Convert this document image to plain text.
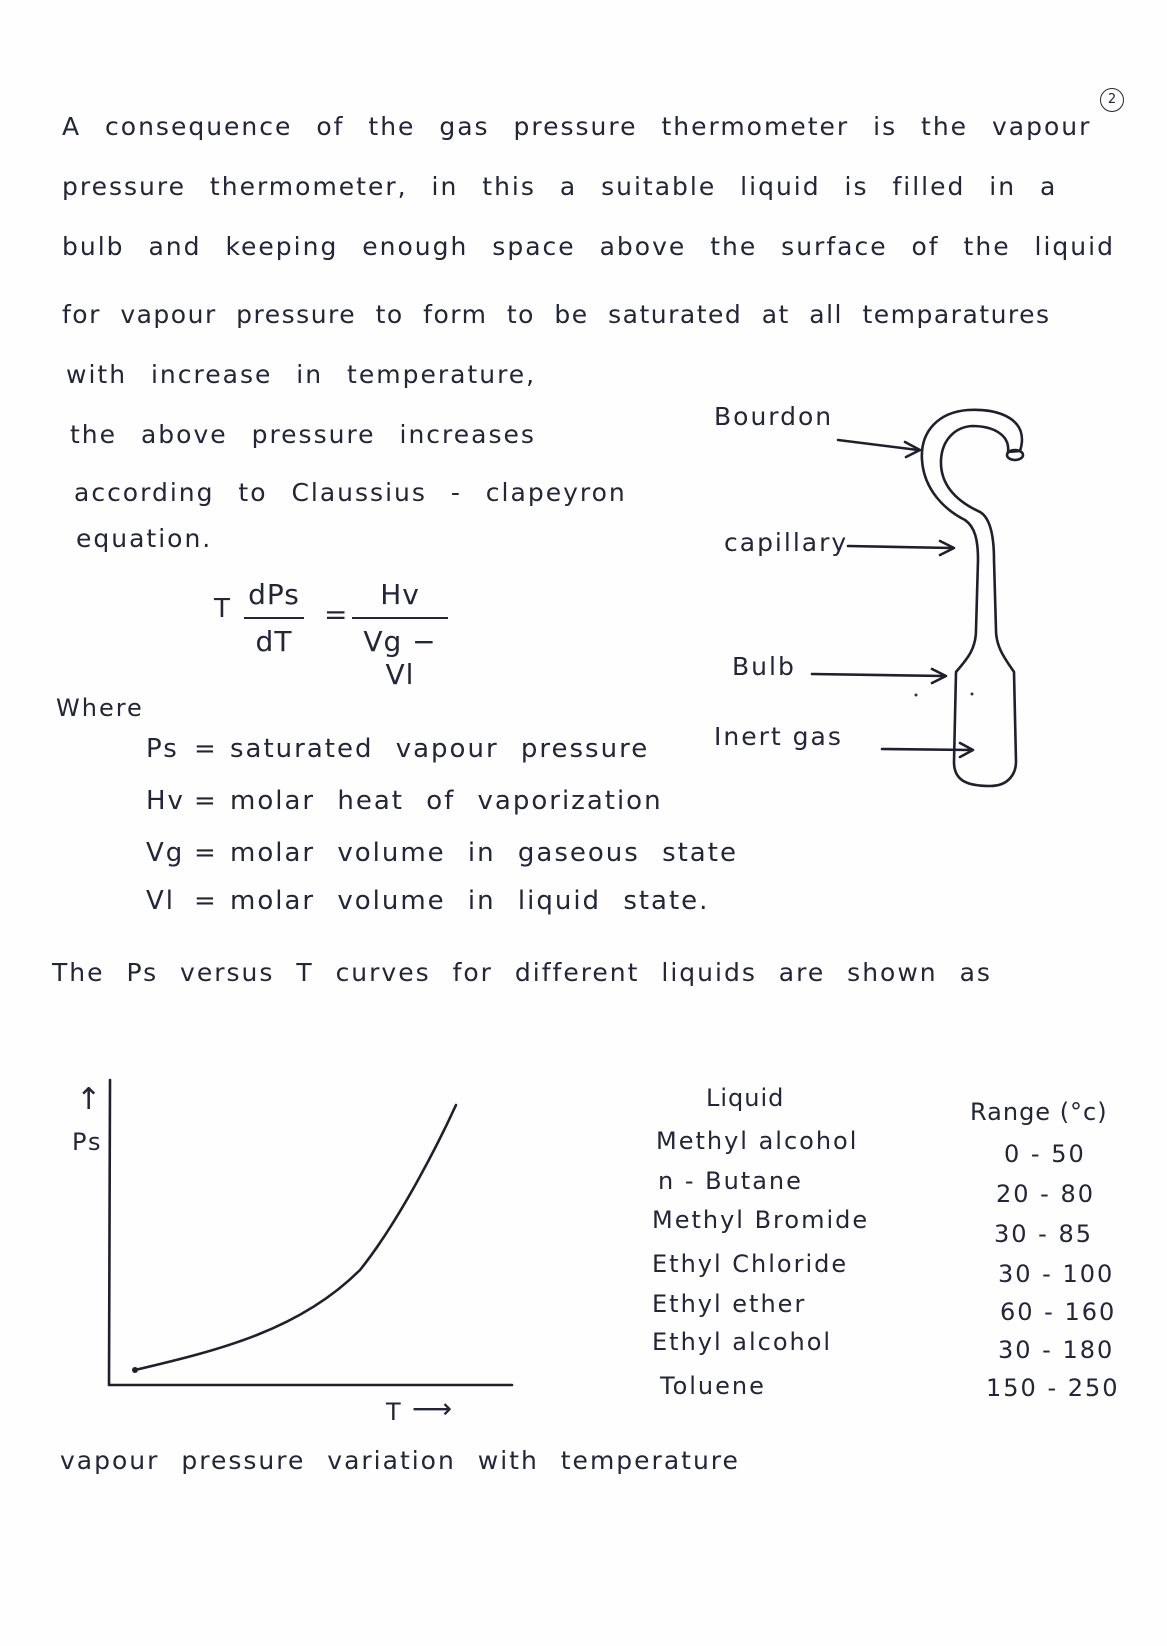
2
A consequence of the gas pressure thermometer is the vapour
pressure thermometer, in this a suitable liquid is filled in a
bulb and keeping enough space above the surface of the liquid
for vapour pressure to form to be saturated at all temparatures
with increase in temperature,
the above pressure increases
according to Claussius - clapeyron
equation.
T dPs
dT
=
Hv
Vg − Vl
Where
Ps = saturated vapour pressure
Hv = molar heat of vaporization
Vg = molar volume in gaseous state
Vl = molar volume in liquid state.
Bourdon
capillary
Bulb
Inert gas
The Ps versus T curves for different liquids are shown as
↑
Ps
T ⟶
vapour pressure variation with temperature
Liquid	Range (°c)
Methyl alcohol	0 - 50
n - Butane	20 - 80
Methyl Bromide	30 - 85
Ethyl Chloride	30 - 100
Ethyl ether	60 - 160
Ethyl alcohol	30 - 180
Toluene	150 - 250
